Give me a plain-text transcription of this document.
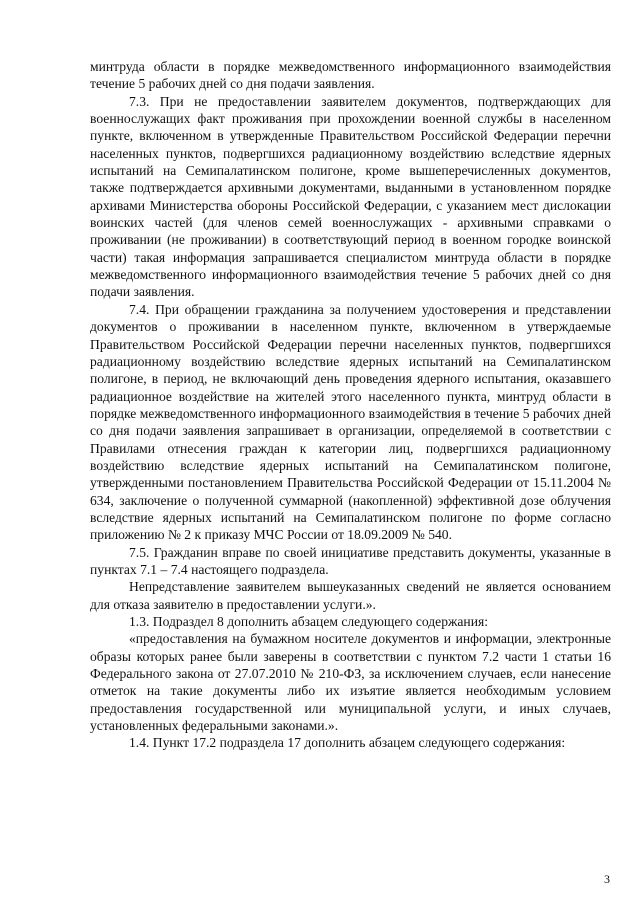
минтруда области в порядке межведомственного информационного взаимодействия течение 5 рабочих дней со дня подачи заявления.

7.3. При не предоставлении заявителем документов, подтверждающих для военнослужащих факт проживания при прохождении военной службы в населенном пункте, включенном в утвержденные Правительством Российской Федерации перечни населенных пунктов, подвергшихся радиационному воздействию вследствие ядерных испытаний на Семипалатинском полигоне, кроме вышеперечисленных документов, также подтверждается архивными документами, выданными в установленном порядке архивами Министерства обороны Российской Федерации, с указанием мест дислокации воинских частей (для членов семей военнослужащих - архивными справками о проживании (не проживании) в соответствующий период в военном городке воинской части) такая информация запрашивается специалистом минтруда области в порядке межведомственного информационного взаимодействия течение 5 рабочих дней со дня подачи заявления.

7.4. При обращении гражданина за получением удостоверения и представлении документов о проживании в населенном пункте, включенном в утверждаемые Правительством Российской Федерации перечни населенных пунктов, подвергшихся радиационному воздействию вследствие ядерных испытаний на Семипалатинском полигоне, в период, не включающий день проведения ядерного испытания, оказавшего радиационное воздействие на жителей этого населенного пункта, минтруд области в порядке межведомственного информационного взаимодействия в течение 5 рабочих дней со дня подачи заявления запрашивает в организации, определяемой в соответствии с Правилами отнесения граждан к категории лиц, подвергшихся радиационному воздействию вследствие ядерных испытаний на Семипалатинском полигоне, утвержденными постановлением Правительства Российской Федерации от 15.11.2004 № 634, заключение о полученной суммарной (накопленной) эффективной дозе облучения вследствие ядерных испытаний на Семипалатинском полигоне по форме согласно приложению № 2 к приказу МЧС России от 18.09.2009 № 540.

7.5. Гражданин вправе по своей инициативе представить документы, указанные в пунктах 7.1 – 7.4 настоящего подраздела.

Непредставление заявителем вышеуказанных сведений не является основанием для отказа заявителю в предоставлении услуги.».

1.3. Подраздел 8 дополнить абзацем следующего содержания:

«предоставления на бумажном носителе документов и информации, электронные образы которых ранее были заверены в соответствии с пунктом 7.2 части 1 статьи 16 Федерального закона от 27.07.2010 № 210-ФЗ, за исключением случаев, если нанесение отметок на такие документы либо их изъятие является необходимым условием предоставления государственной или муниципальной услуги, и иных случаев, установленных федеральными законами.».

1.4. Пункт 17.2 подраздела 17 дополнить абзацем следующего содержания:

3
